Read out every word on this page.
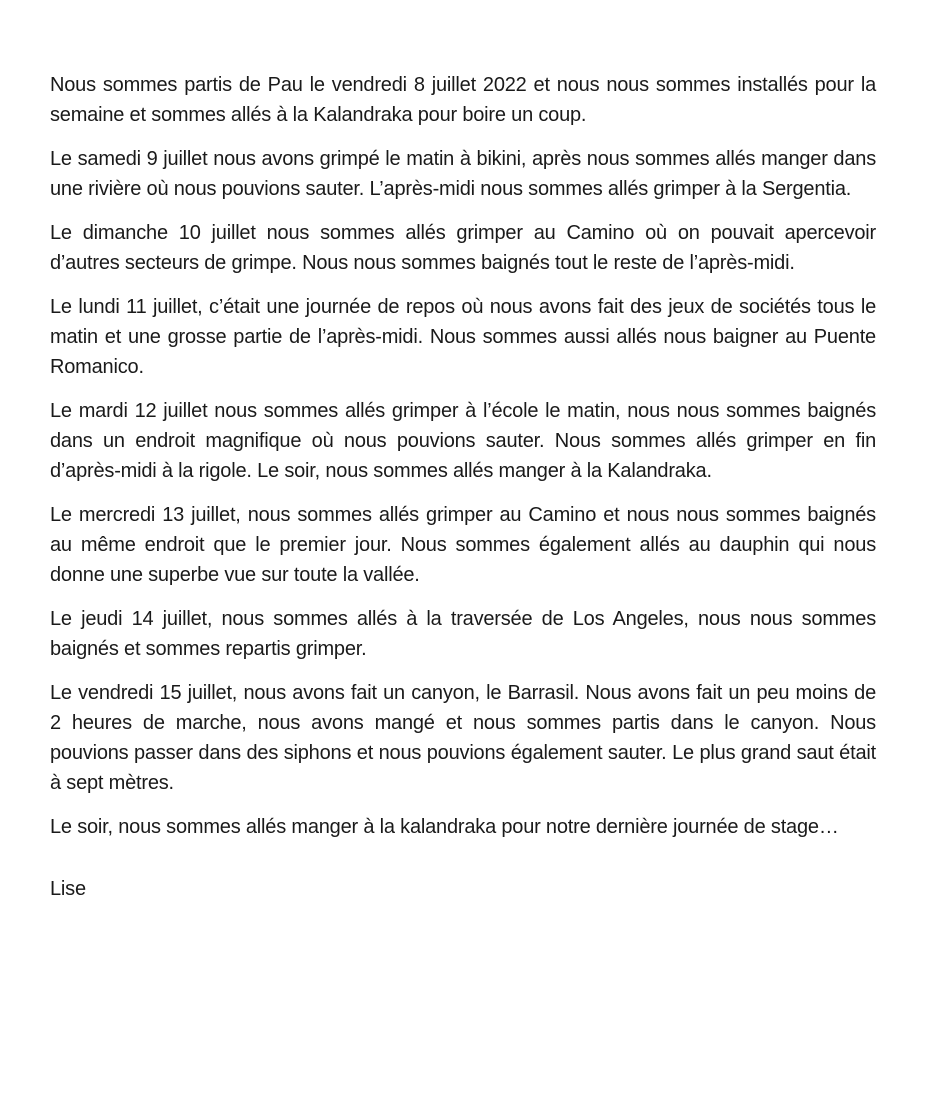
Nous sommes partis de Pau le vendredi 8 juillet 2022 et nous nous sommes installés pour la semaine et sommes allés à la Kalandraka pour boire un coup.

Le samedi 9 juillet nous avons grimpé le matin à bikini, après nous sommes allés manger dans une rivière où nous pouvions sauter. L’après-midi nous sommes allés grimper à la Sergentia.

Le dimanche 10 juillet nous sommes allés grimper au Camino où on pouvait apercevoir d’autres secteurs de grimpe. Nous nous sommes baignés tout le reste de l’après-midi.

Le lundi 11 juillet, c’était une journée de repos où nous avons fait des jeux de sociétés tous le matin et une grosse partie de l’après-midi. Nous sommes aussi allés nous baigner au Puente Romanico.

Le mardi 12 juillet nous sommes allés grimper à l’école le matin, nous nous sommes baignés dans un endroit magnifique où nous pouvions sauter. Nous sommes allés grimper en fin d’après-midi à la rigole. Le soir, nous sommes allés manger à la Kalandraka.

Le mercredi 13 juillet, nous sommes allés grimper au Camino et nous nous sommes baignés au même endroit que le premier jour. Nous sommes également allés au dauphin qui nous donne une superbe vue sur toute la vallée.

Le jeudi 14 juillet, nous sommes allés à la traversée de Los Angeles, nous nous sommes baignés et sommes repartis grimper.

Le vendredi 15 juillet, nous avons fait un canyon, le Barrasil. Nous avons fait un peu moins de 2 heures de marche, nous avons mangé et nous sommes partis dans le canyon. Nous pouvions passer dans des siphons et nous pouvions également sauter. Le plus grand saut était à sept mètres.

Le soir, nous sommes allés manger à la kalandraka pour notre dernière journée de stage…

Lise
